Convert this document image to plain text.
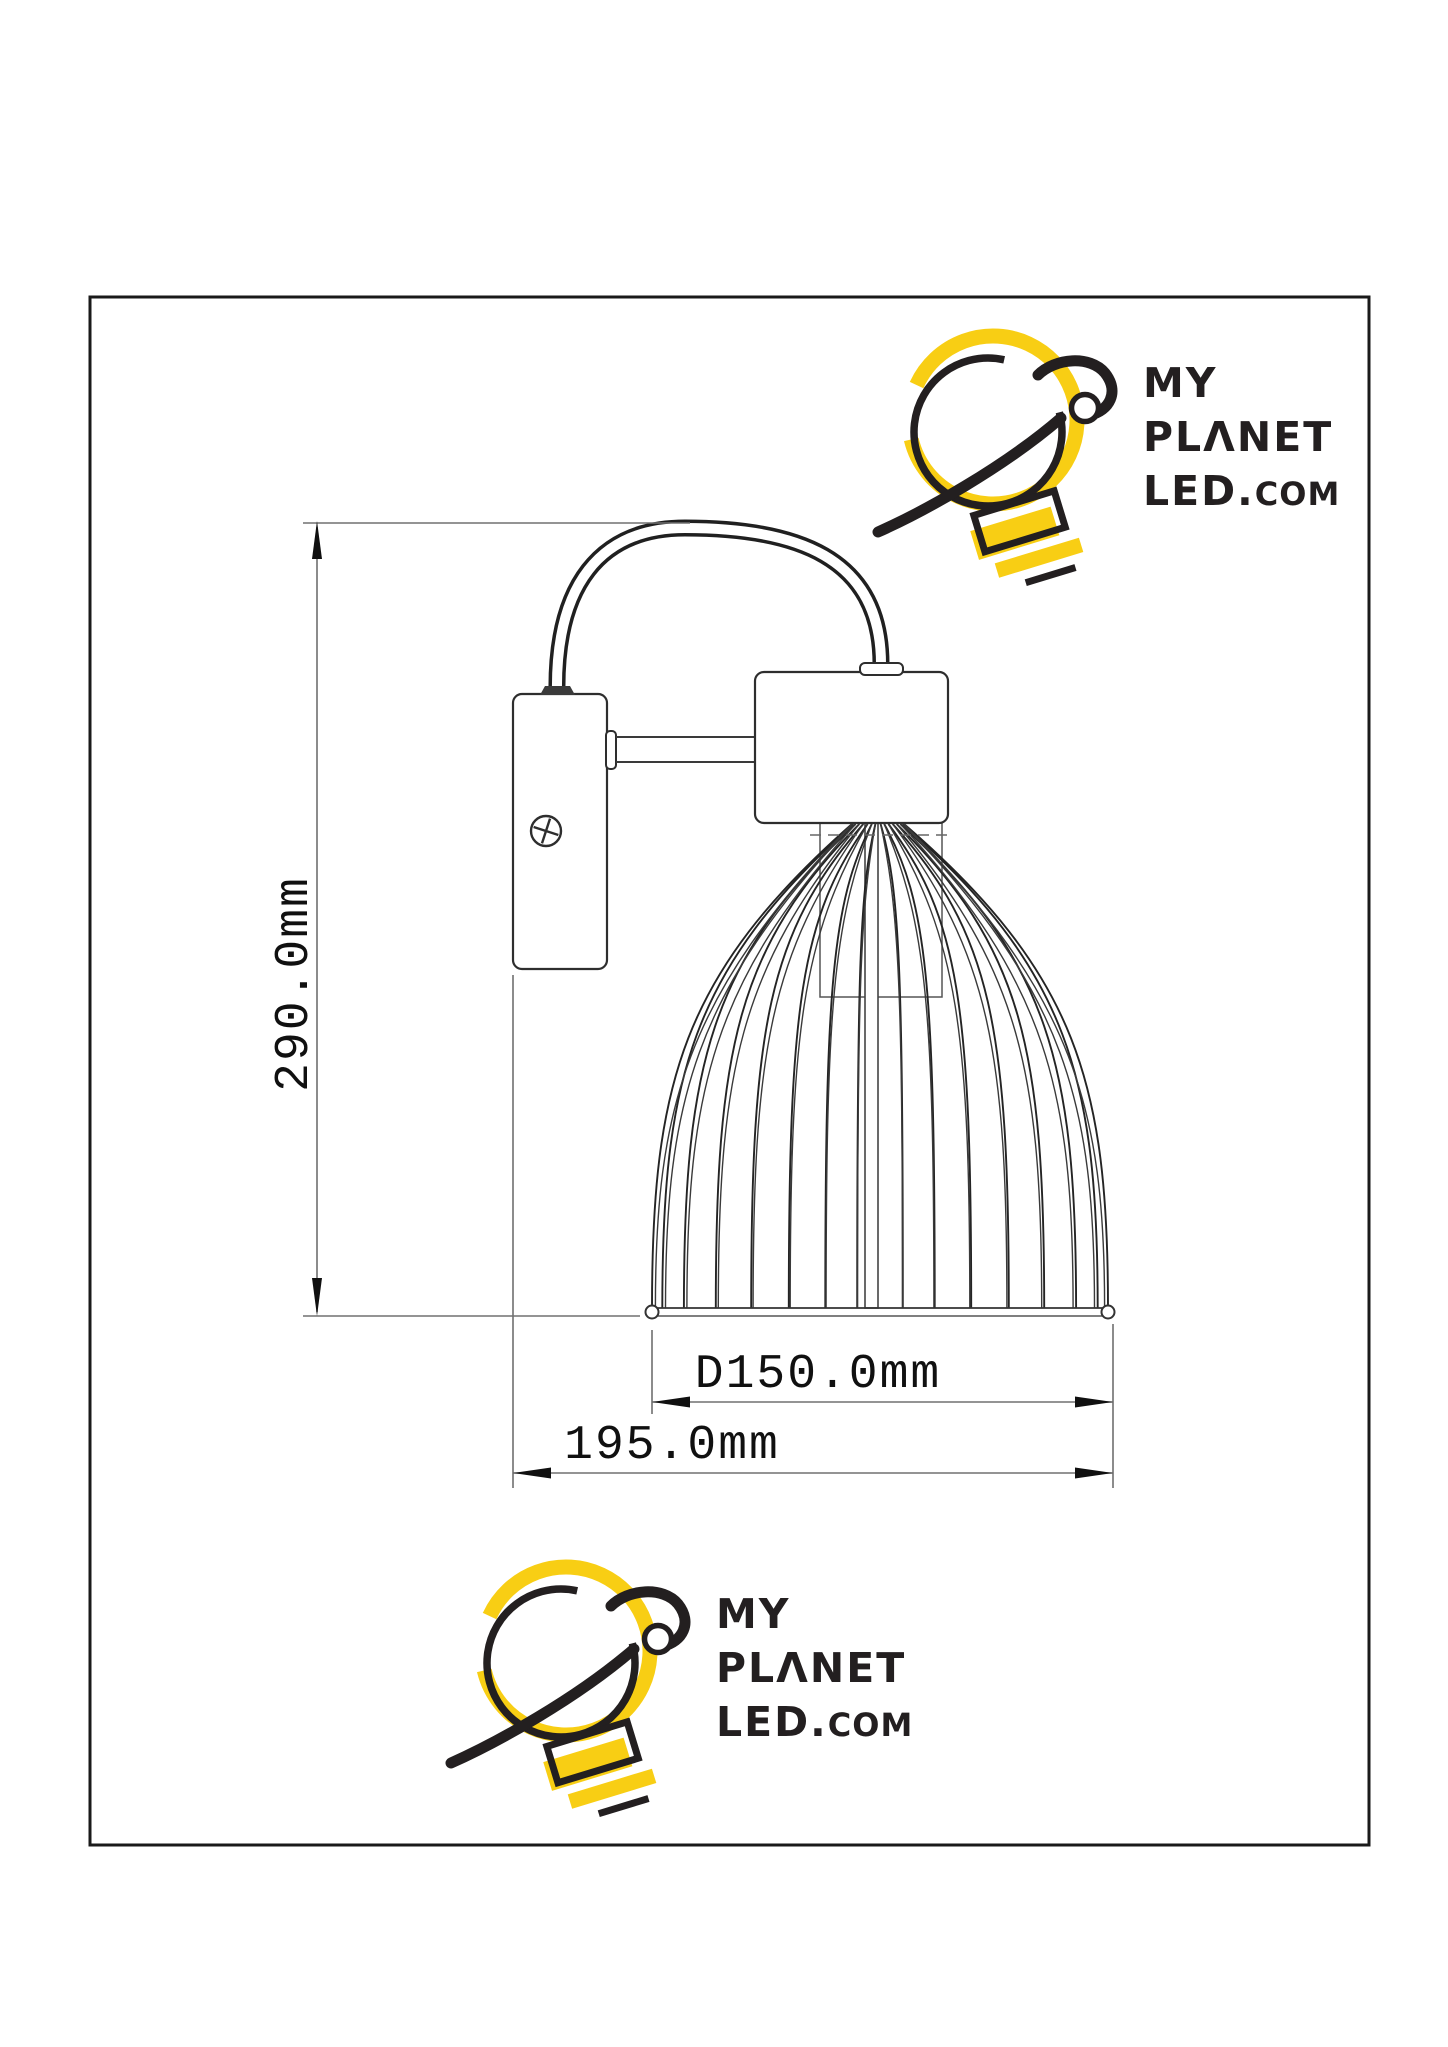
290.0mm
D150.0mm
195.0mm
MY
PLΛNET
LED.COM
MY
PLΛNET
LED.COM
